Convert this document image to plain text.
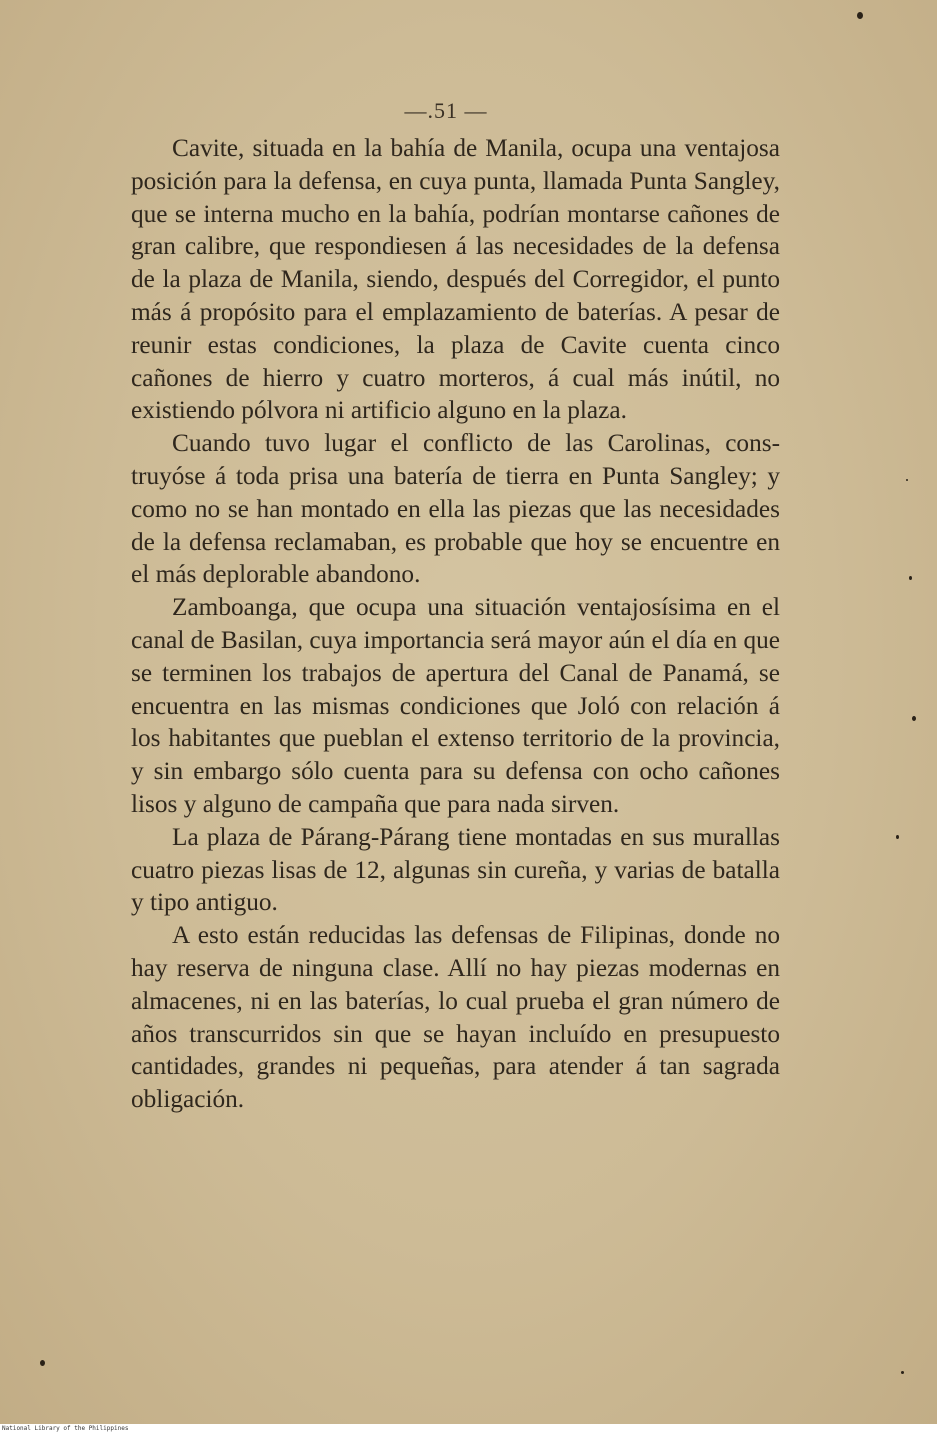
—.51 —

Cavite, situada en la bahía de Manila, ocupa una ventajosa posición para la defensa, en cuya punta, llamada Punta Sangley, que se interna mucho en la bahía, podrían montarse cañones de gran calibre, que respondiesen á las necesidades de la defensa de la plaza de Manila, siendo, después del Corregidor, el punto más á propósito para el emplazamiento de baterías. A pesar de reunir estas condiciones, la plaza de Cavite cuenta cinco cañones de hierro y cuatro morteros, á cual más inútil, no existiendo pólvora ni artificio alguno en la plaza.

Cuando tuvo lugar el conflicto de las Carolinas, construyóse á toda prisa una batería de tierra en Punta Sangley; y como no se han montado en ella las piezas que las necesidades de la defensa reclamaban, es probable que hoy se encuentre en el más deplorable abandono.

Zamboanga, que ocupa una situación ventajosísima en el canal de Basilan, cuya importancia será mayor aún el día en que se terminen los trabajos de apertura del Canal de Panamá, se encuentra en las mismas condiciones que Joló con relación á los habitantes que pueblan el extenso territorio de la provincia, y sin embargo sólo cuenta para su defensa con ocho cañones lisos y alguno de campaña que para nada sirven.

La plaza de Párang-Párang tiene montadas en sus murallas cuatro piezas lisas de 12, algunas sin cureña, y varias de batalla y tipo antiguo.

A esto están reducidas las defensas de Filipinas, donde no hay reserva de ninguna clase. Allí no hay piezas modernas en almacenes, ni en las baterías, lo cual prueba el gran número de años transcurridos sin que se hayan incluído en presupuesto cantidades, grandes ni pequeñas, para atender á tan sagrada obligación.

National Library of the Philippines
